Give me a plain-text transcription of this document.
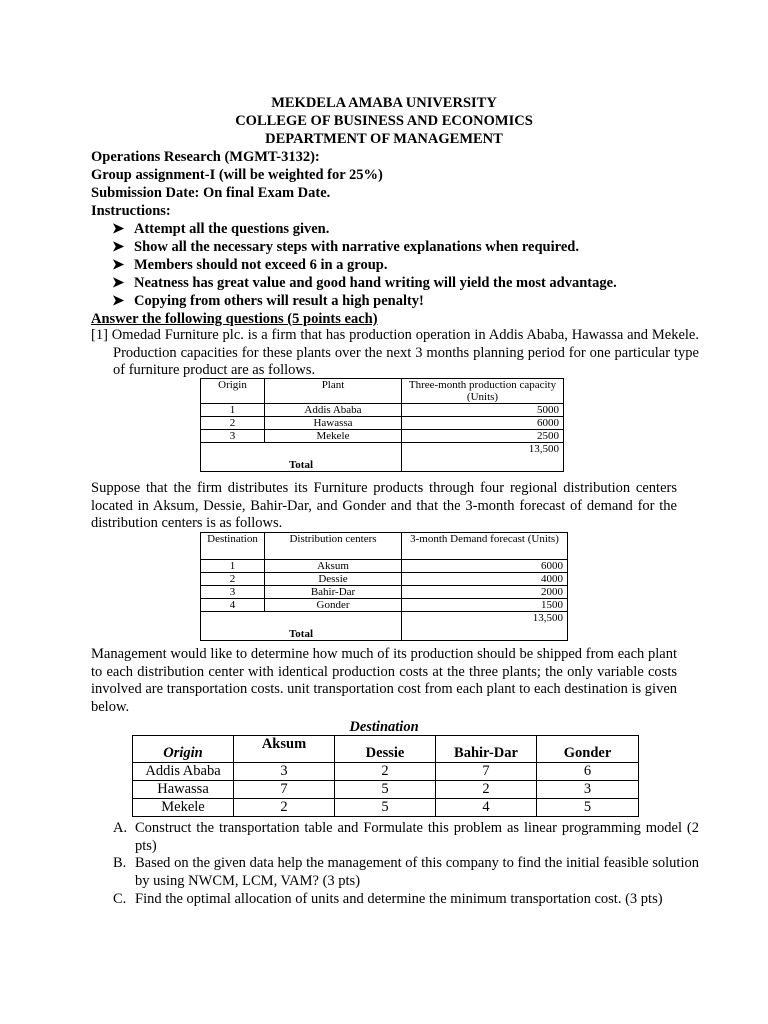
MEKDELA AMABA UNIVERSITY
COLLEGE OF BUSINESS AND ECONOMICS
DEPARTMENT OF MANAGEMENT
Operations Research (MGMT-3132):
Group assignment-I (will be weighted for 25%)
Submission Date: On final Exam Date.
Instructions:
➤ Attempt all the questions given.
➤ Show all the necessary steps with narrative explanations when required.
➤ Members should not exceed 6 in a group.
➤ Neatness has great value and good hand writing will yield the most advantage.
➤ Copying from others will result a high penalty!
Answer the following questions (5 points each)
[1] Omedad Furniture plc. is a firm that has production operation in Addis Ababa, Hawassa and Mekele. Production capacities for these plants over the next 3 months planning period for one particular type of furniture product are as follows.
Origin	Plant	Three-month production capacity (Units)
1	Addis Ababa	5000
2	Hawassa	6000
3	Mekele	2500
Total		13,500
Suppose that the firm distributes its Furniture products through four regional distribution centers located in Aksum, Dessie, Bahir-Dar, and Gonder and that the 3-month forecast of demand for the distribution centers is as follows.
Destination	Distribution centers	3-month Demand forecast (Units)
1	Aksum	6000
2	Dessie	4000
3	Bahir-Dar	2000
4	Gonder	1500
Total		13,500
Management would like to determine how much of its production should be shipped from each plant to each distribution center with identical production costs at the three plants; the only variable costs involved are transportation costs. unit transportation cost from each plant to each destination is given below.
Destination
Origin	Aksum	Dessie	Bahir-Dar	Gonder
Addis Ababa	3	2	7	6
Hawassa	7	5	2	3
Mekele	2	5	4	5
A. Construct the transportation table and Formulate this problem as linear programming model (2 pts)
B. Based on the given data help the management of this company to find the initial feasible solution by using NWCM, LCM, VAM? (3 pts)
C. Find the optimal allocation of units and determine the minimum transportation cost. (3 pts)
